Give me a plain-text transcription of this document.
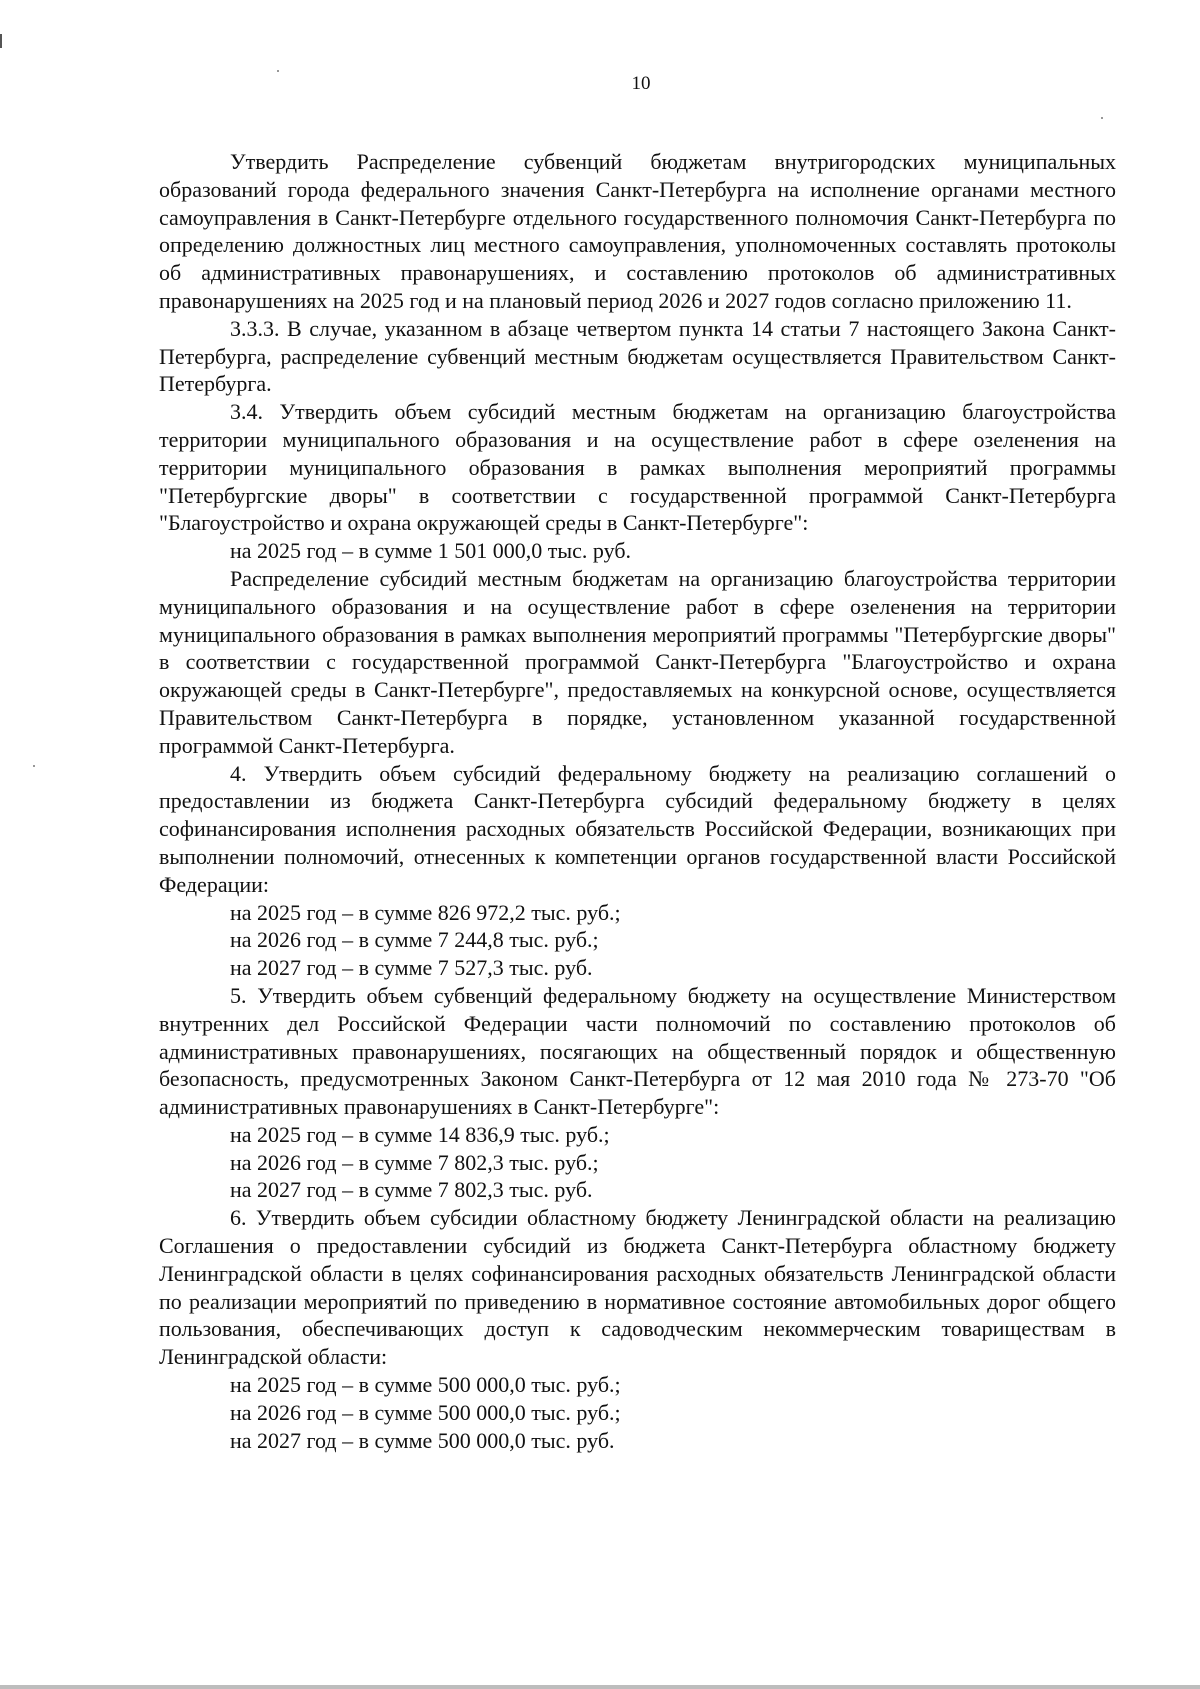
10

Утвердить Распределение субвенций бюджетам внутригородских муниципальных образований города федерального значения Санкт-Петербурга на исполнение органами местного самоуправления в Санкт-Петербурге отдельного государственного полномочия Санкт-Петербурга по определению должностных лиц местного самоуправления, уполномоченных составлять протоколы об административных правонарушениях, и составлению протоколов об административных правонарушениях на 2025 год и на плановый период 2026 и 2027 годов согласно приложению 11.

3.3.3. В случае, указанном в абзаце четвертом пункта 14 статьи 7 настоящего Закона Санкт-Петербурга, распределение субвенций местным бюджетам осуществляется Правительством Санкт-Петербурга.

3.4. Утвердить объем субсидий местным бюджетам на организацию благоустройства территории муниципального образования и на осуществление работ в сфере озеленения на территории муниципального образования в рамках выполнения мероприятий программы "Петербургские дворы" в соответствии с государственной программой Санкт-Петербурга "Благоустройство и охрана окружающей среды в Санкт-Петербурге":

на 2025 год – в сумме 1 501 000,0 тыс. руб.

Распределение субсидий местным бюджетам на организацию благоустройства территории муниципального образования и на осуществление работ в сфере озеленения на территории муниципального образования в рамках выполнения мероприятий программы "Петербургские дворы" в соответствии с государственной программой Санкт-Петербурга "Благоустройство и охрана окружающей среды в Санкт-Петербурге", предоставляемых на конкурсной основе, осуществляется Правительством Санкт-Петербурга в порядке, установленном указанной государственной программой Санкт-Петербурга.

4. Утвердить объем субсидий федеральному бюджету на реализацию соглашений о предоставлении из бюджета Санкт-Петербурга субсидий федеральному бюджету в целях софинансирования исполнения расходных обязательств Российской Федерации, возникающих при выполнении полномочий, отнесенных к компетенции органов государственной власти Российской Федерации:

на 2025 год – в сумме 826 972,2 тыс. руб.;

на 2026 год – в сумме 7 244,8 тыс. руб.;

на 2027 год – в сумме 7 527,3 тыс. руб.

5. Утвердить объем субвенций федеральному бюджету на осуществление Министерством внутренних дел Российской Федерации части полномочий по составлению протоколов об административных правонарушениях, посягающих на общественный порядок и общественную безопасность, предусмотренных Законом Санкт-Петербурга от 12 мая 2010 года № 273-70 "Об административных правонарушениях в Санкт-Петербурге":

на 2025 год – в сумме 14 836,9 тыс. руб.;

на 2026 год – в сумме 7 802,3 тыс. руб.;

на 2027 год – в сумме 7 802,3 тыс. руб.

6. Утвердить объем субсидии областному бюджету Ленинградской области на реализацию Соглашения о предоставлении субсидий из бюджета Санкт-Петербурга областному бюджету Ленинградской области в целях софинансирования расходных обязательств Ленинградской области по реализации мероприятий по приведению в нормативное состояние автомобильных дорог общего пользования, обеспечивающих доступ к садоводческим некоммерческим товариществам в Ленинградской области:

на 2025 год – в сумме 500 000,0 тыс. руб.;

на 2026 год – в сумме 500 000,0 тыс. руб.;

на 2027 год – в сумме 500 000,0 тыс. руб.
